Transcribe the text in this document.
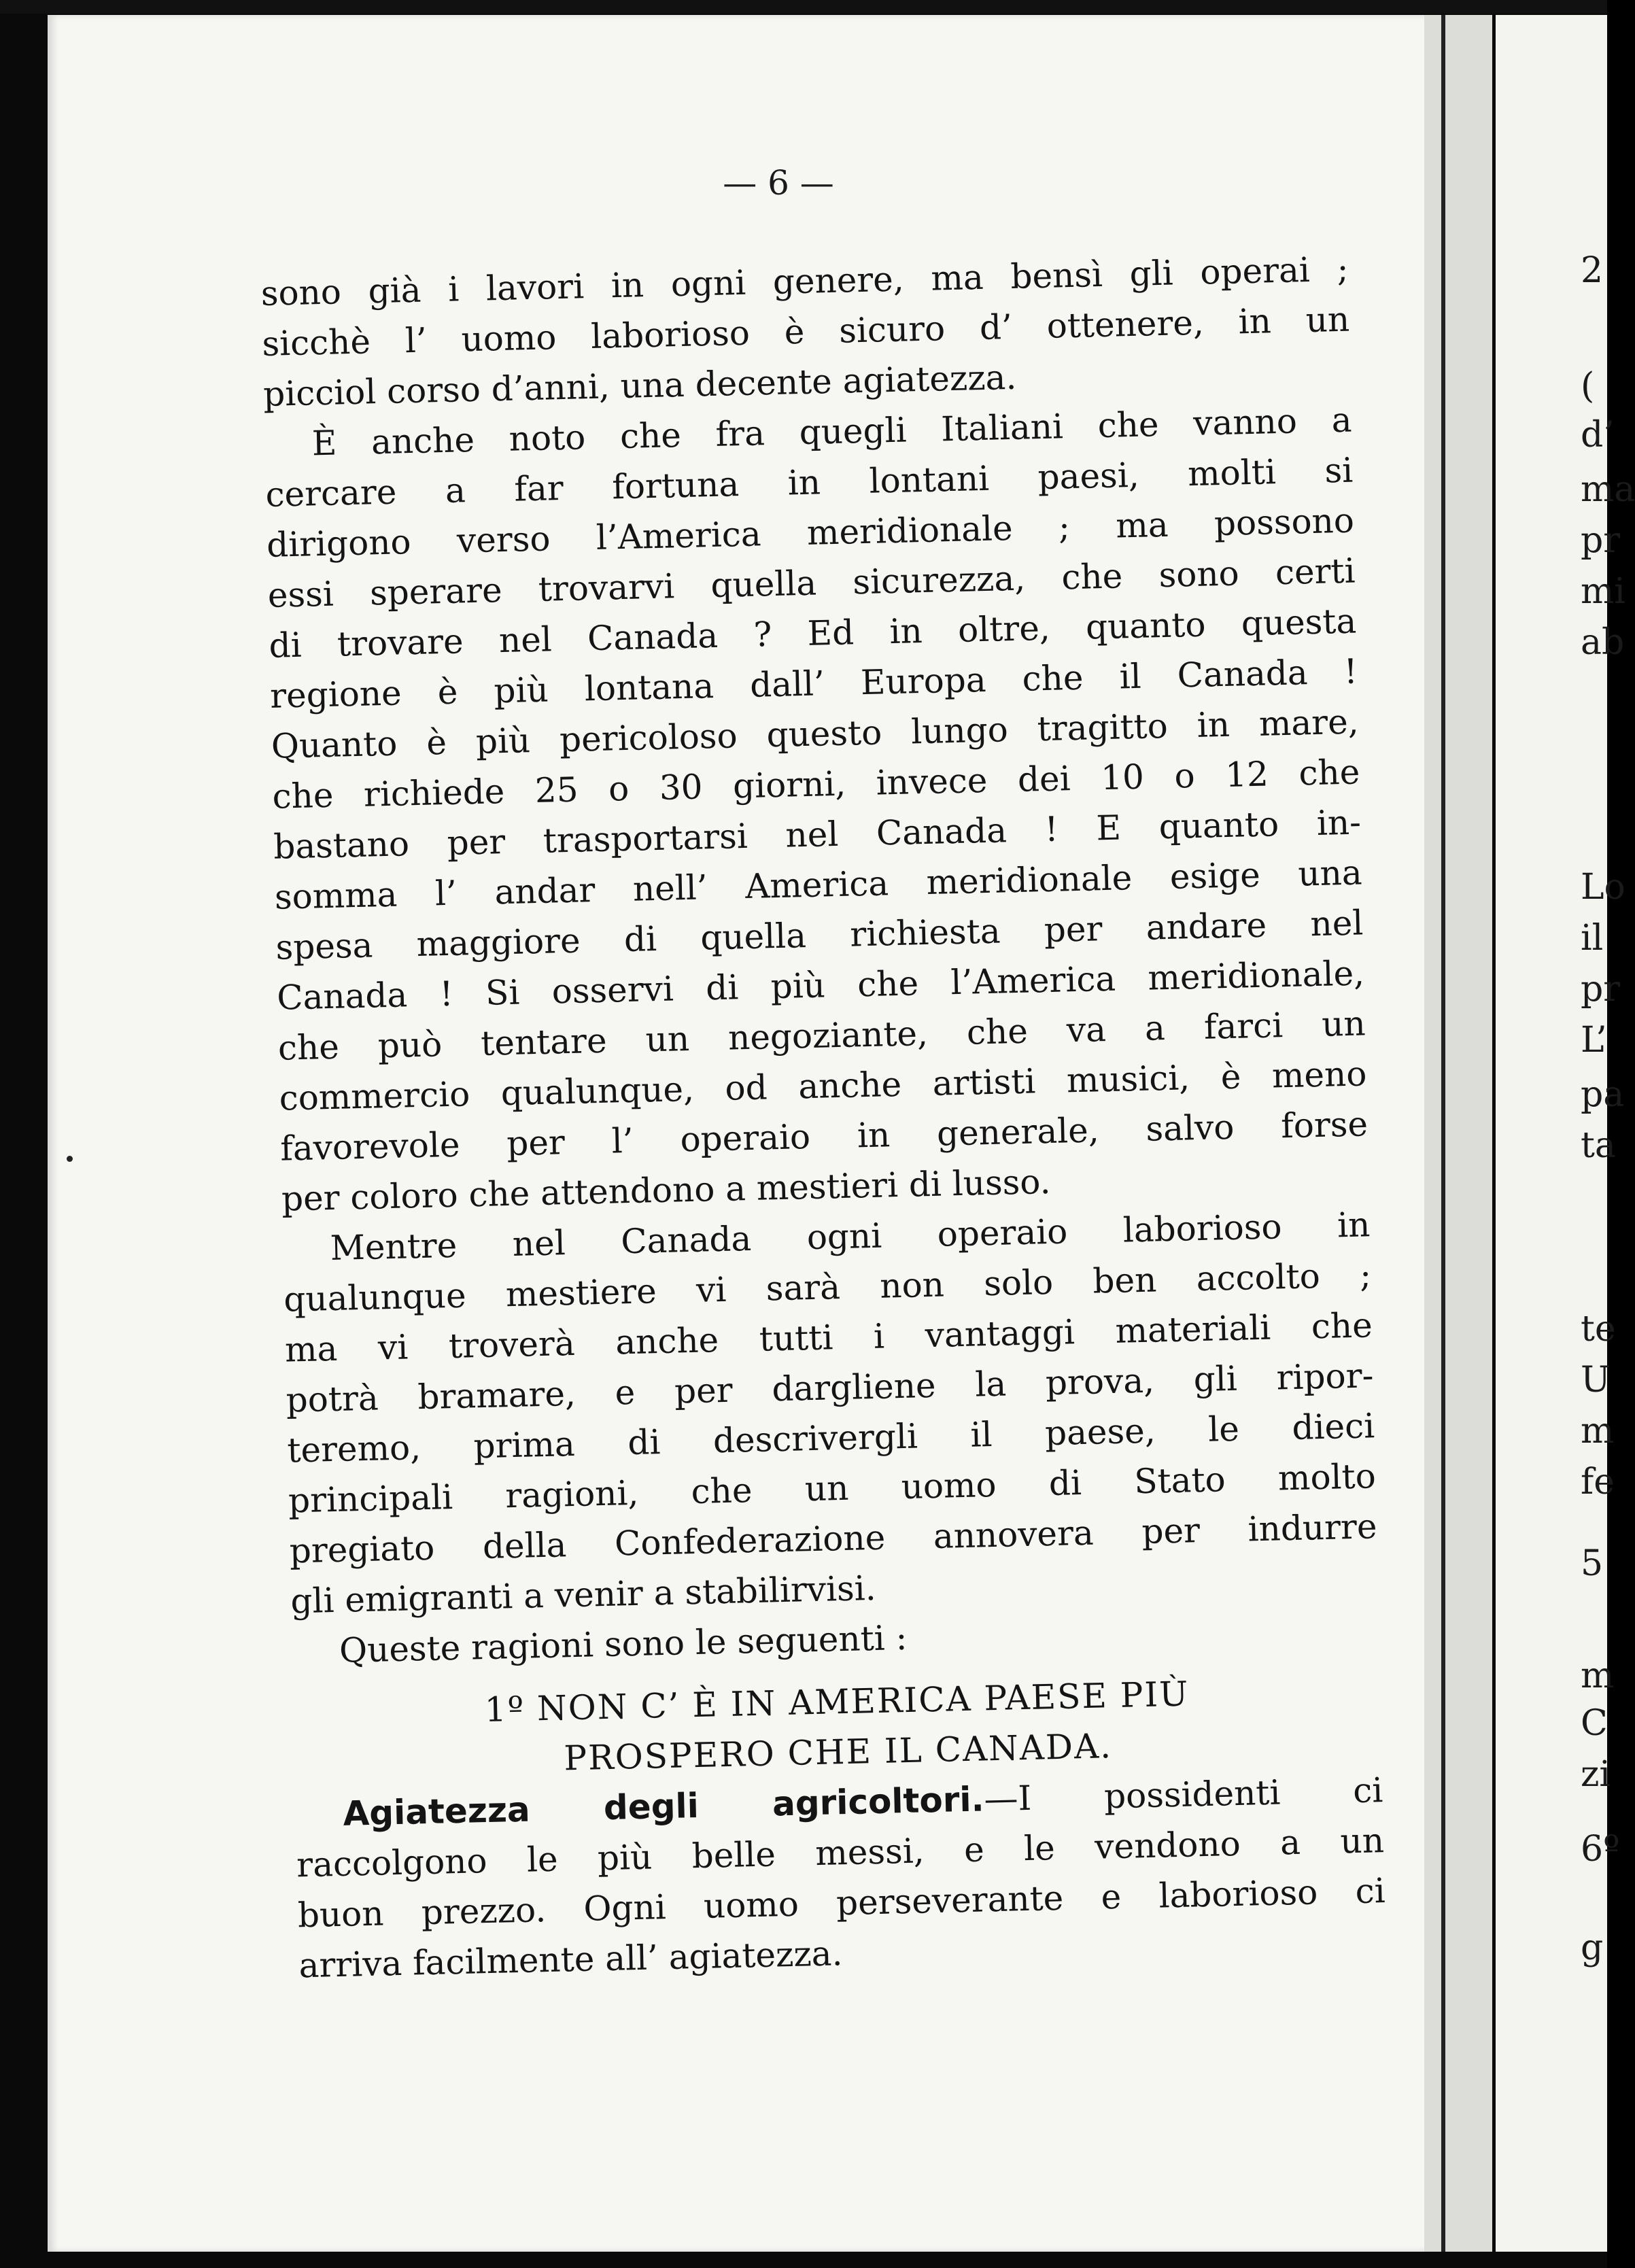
— 6 —
sono già i lavori in ogni genere, ma bensì gli operai ;
sicchè l’ uomo laborioso è sicuro d’ ottenere, in un
picciol corso d’anni, una decente agiatezza.
È anche noto che fra quegli Italiani che vanno a
cercare a far fortuna in lontani paesi, molti si
dirigono verso l’America meridionale ; ma possono
essi sperare trovarvi quella sicurezza, che sono certi
di trovare nel Canada ? Ed in oltre, quanto questa
regione è più lontana dall’ Europa che il Canada !
Quanto è più pericoloso questo lungo tragitto in mare,
che richiede 25 o 30 giorni, invece dei 10 o 12 che
bastano per trasportarsi nel Canada ! E quanto in-
somma l’ andar nell’ America meridionale esige una
spesa maggiore di quella richiesta per andare nel
Canada ! Si osservi di più che l’America meridionale,
che può tentare un negoziante, che va a farci un
commercio qualunque, od anche artisti musici, è meno
favorevole per l’ operaio in generale, salvo forse
per coloro che attendono a mestieri di lusso.
Mentre nel Canada ogni operaio laborioso in
qualunque mestiere vi sarà non solo ben accolto ;
ma vi troverà anche tutti i vantaggi materiali che
potrà bramare, e per dargliene la prova, gli ripor-
teremo, prima di descrivergli il paese, le dieci
principali ragioni, che un uomo di Stato molto
pregiato della Confederazione annovera per indurre
gli emigranti a venir a stabilirvisi.
Queste ragioni sono le seguenti :
1º NON C’ È IN AMERICA PAESE PIÙ
PROSPERO CHE IL CANADA.
Agiatezza degli agricoltori.—I possidenti ci
raccolgono le più belle messi, e le vendono a un
buon prezzo. Ogni uomo perseverante e laborioso ci
arriva facilmente all’ agiatezza.
2
(
d’
ma
pr
mi
ab
Lo
il
pr
L’
pa
ta
te
U
m
fe
5
m
C
zi
6º
g
